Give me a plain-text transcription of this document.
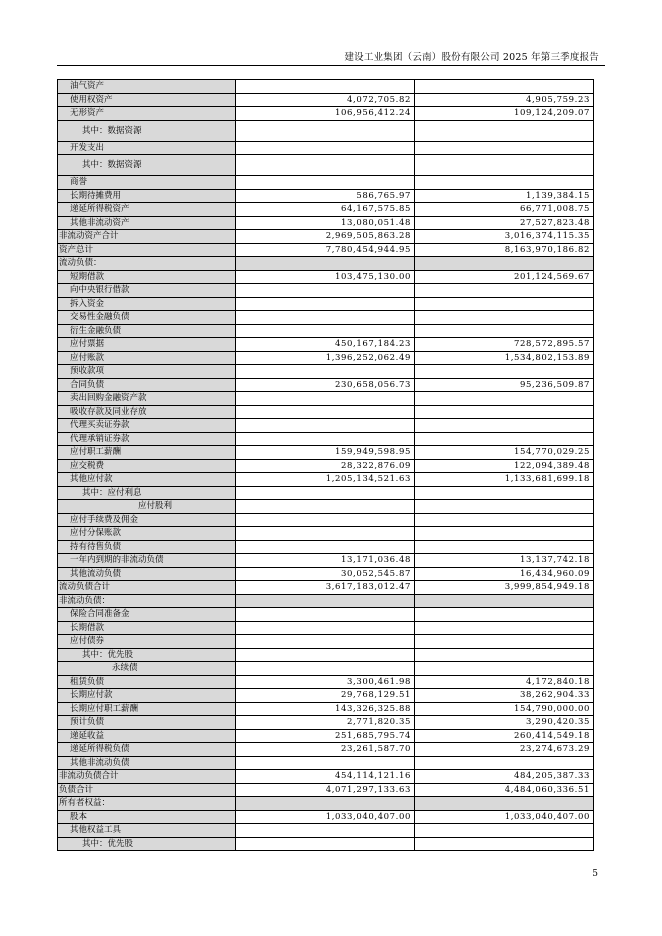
建设工业集团（云南）股份有限公司 2025 年第三季度报告
油气资产		
使用权资产	4,072,705.82	4,905,759.23
无形资产	106,956,412.24	109,124,209.07
其中：数据资源		
开发支出		
其中：数据资源		
商誉		
长期待摊费用	586,765.97	1,139,384.15
递延所得税资产	64,167,575.85	66,771,008.75
其他非流动资产	13,080,051.48	27,527,823.48
非流动资产合计	2,969,505,863.28	3,016,374,115.35
资产总计	7,780,454,944.95	8,163,970,186.82
流动负债：		
短期借款	103,475,130.00	201,124,569.67
向中央银行借款		
拆入资金		
交易性金融负债		
衍生金融负债		
应付票据	450,167,184.23	728,572,895.57
应付账款	1,396,252,062.49	1,534,802,153.89
预收款项		
合同负债	230,658,056.73	95,236,509.87
卖出回购金融资产款		
吸收存款及同业存放		
代理买卖证券款		
代理承销证券款		
应付职工薪酬	159,949,598.95	154,770,029.25
应交税费	28,322,876.09	122,094,389.48
其他应付款	1,205,134,521.63	1,133,681,699.18
其中：应付利息		
应付股利		
应付手续费及佣金		
应付分保账款		
持有待售负债		
一年内到期的非流动负债	13,171,036.48	13,137,742.18
其他流动负债	30,052,545.87	16,434,960.09
流动负债合计	3,617,183,012.47	3,999,854,949.18
非流动负债：		
保险合同准备金		
长期借款		
应付债券		
其中：优先股		
永续债		
租赁负债	3,300,461.98	4,172,840.18
长期应付款	29,768,129.51	38,262,904.33
长期应付职工薪酬	143,326,325.88	154,790,000.00
预计负债	2,771,820.35	3,290,420.35
递延收益	251,685,795.74	260,414,549.18
递延所得税负债	23,261,587.70	23,274,673.29
其他非流动负债		
非流动负债合计	454,114,121.16	484,205,387.33
负债合计	4,071,297,133.63	4,484,060,336.51
所有者权益：		
股本	1,033,040,407.00	1,033,040,407.00
其他权益工具		
其中：优先股		
5
